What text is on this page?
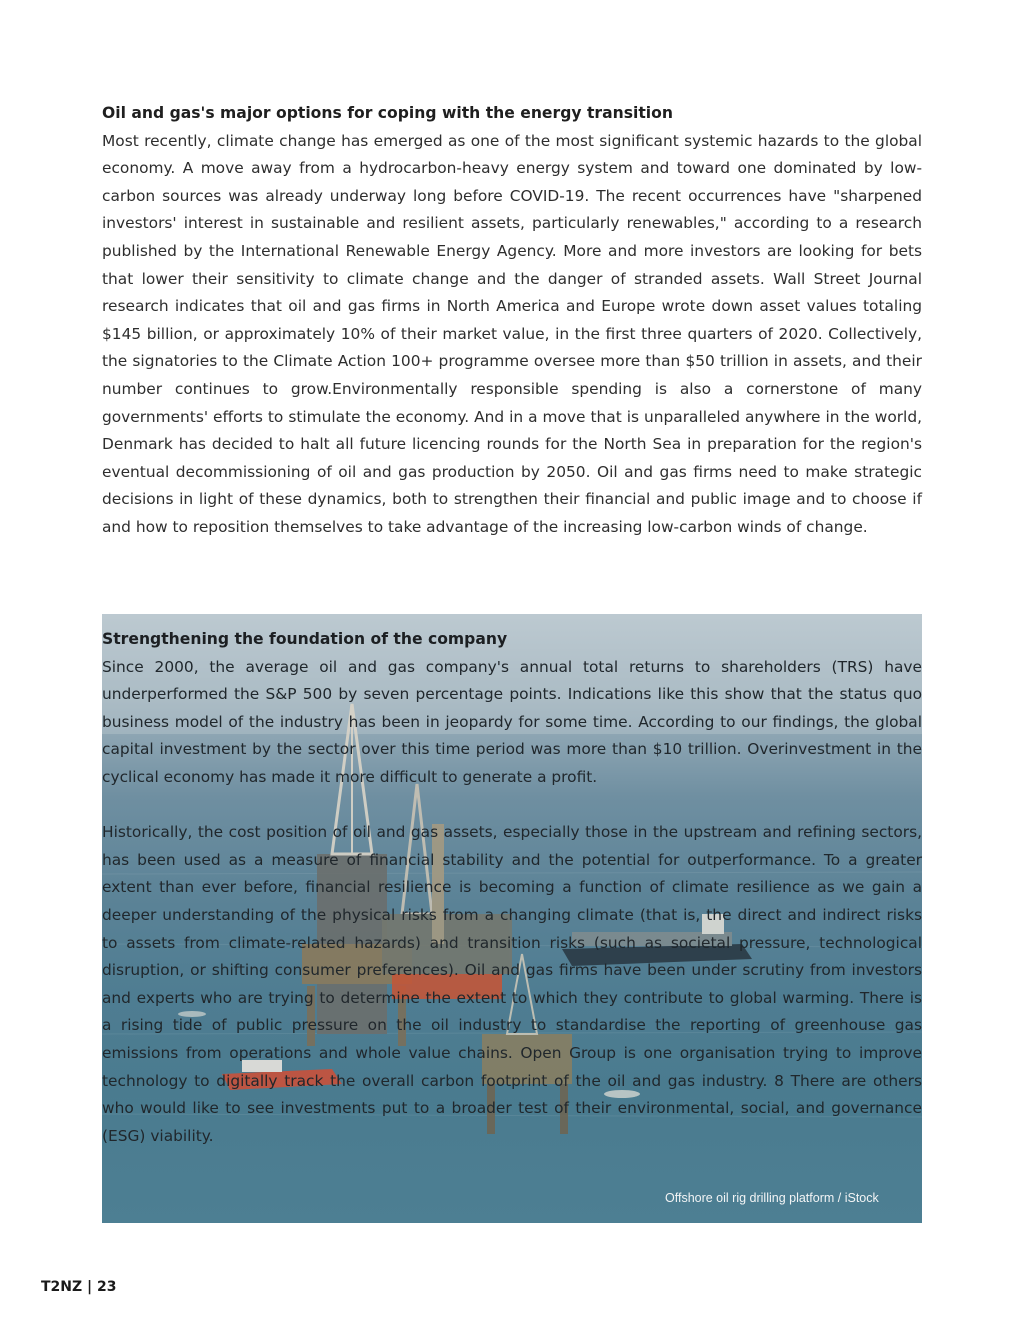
Oil and gas's major options for coping with the energy transition

Most recently, climate change has emerged as one of the most significant systemic hazards to the global economy. A move away from a hydrocarbon-heavy energy system and toward one dominated by low-carbon sources was already underway long before COVID-19. The recent occurrences have "sharpened investors' interest in sustainable and resilient assets, particularly renewables," according to a research published by the International Renewable Energy Agency. More and more investors are looking for bets that lower their sensitivity to climate change and the danger of stranded assets. Wall Street Journal research indicates that oil and gas firms in North America and Europe wrote down asset values totaling $145 billion, or approximately 10% of their market value, in the first three quarters of 2020. Collectively, the signatories to the Climate Action 100+ programme oversee more than $50 trillion in assets, and their number continues to grow.Environmentally responsible spending is also a cornerstone of many governments' efforts to stimulate the economy. And in a move that is unparalleled anywhere in the world, Denmark has decided to halt all future licencing rounds for the North Sea in preparation for the region's eventual decommissioning of oil and gas production by 2050. Oil and gas firms need to make strategic decisions in light of these dynamics, both to strengthen their financial and public image and to choose if and how to reposition themselves to take advantage of the increasing low-carbon winds of change.

Strengthening the foundation of the company

Since 2000, the average oil and gas company's annual total returns to shareholders (TRS) have underperformed the S&P 500 by seven percentage points. Indications like this show that the status quo business model of the industry has been in jeopardy for some time. According to our findings, the global capital investment by the sector over this time period was more than $10 trillion. Overinvestment in the cyclical economy has made it more difficult to generate a profit.

Historically, the cost position of oil and gas assets, especially those in the upstream and refining sectors, has been used as a measure of financial stability and the potential for outperformance. To a greater extent than ever before, financial resilience is becoming a function of climate resilience as we gain a deeper understanding of the physical risks from a changing climate (that is, the direct and indirect risks to assets from climate-related hazards) and transition risks (such as societal pressure, technological disruption, or shifting consumer preferences). Oil and gas firms have been under scrutiny from investors and experts who are trying to determine the extent to which they contribute to global warming. There is a rising tide of public pressure on the oil industry to standardise the reporting of greenhouse gas emissions from operations and whole value chains. Open Group is one organisation trying to improve technology to digitally track the overall carbon footprint of the oil and gas industry. 8 There are others who would like to see investments put to a broader test of their environmental, social, and governance (ESG) viability.

Offshore oil rig drilling platform / iStock
T2NZ | 23
